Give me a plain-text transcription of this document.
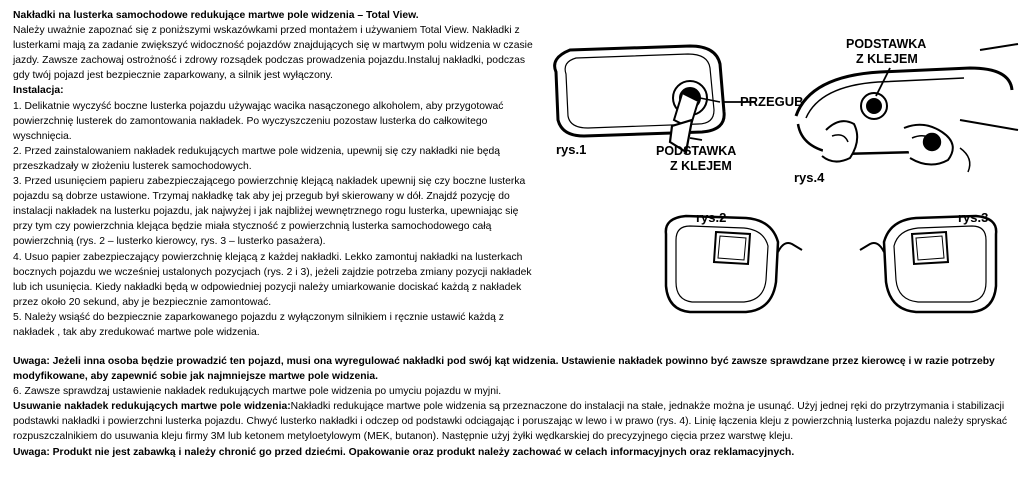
Nakładki na lusterka samochodowe redukujące martwe pole widzenia – Total View.

Należy uważnie zapoznać się z poniższymi wskazówkami przed montażem i używaniem Total View. Nakładki z lusterkami mają za zadanie zwiększyć widoczność pojazdów znajdujących się w martwym polu widzenia w czasie jazdy. Zawsze zachowaj ostrożność i zdrowy rozsądek podczas prowadzenia pojazdu.Instaluj nakładki, podczas gdy twój pojazd jest bezpiecznie zaparkowany, a silnik jest wyłączony.

Instalacja:

1. Delikatnie wyczyść boczne lusterka pojazdu używając wacika nasączonego alkoholem, aby przygotować powierzchnię lusterek do zamontowania nakładek. Po wyczyszczeniu pozostaw lusterka do całkowitego wyschnięcia.

2. Przed zainstalowaniem nakładek redukujących martwe pole widzenia, upewnij się czy nakładki nie będą przeszkadzały w złożeniu lusterek samochodowych.

3. Przed usunięciem papieru zabezpieczającego powierzchnię klejącą nakładek upewnij się czy boczne lusterka pojazdu są dobrze ustawione. Trzymaj nakładkę tak aby jej przegub był skierowany w dół. Znajdź pozycję do instalacji nakładek na lusterku pojazdu, jak najwyżej i jak najbliżej wewnętrznego rogu lusterka, upewniając się przy tym czy powierzchnia klejąca będzie miała styczność z powierzchnią lusterka samochodowego całą powierzchnią (rys. 2 – lusterko kierowcy, rys. 3 – lusterko pasażera).

4. Usuo papier zabezpieczający powierzchnię klejącą z każdej nakładki. Lekko zamontuj nakładki na lusterkach bocznych pojazdu we wcześniej ustalonych pozycjach (rys. 2 i 3), jeżeli zajdzie potrzeba zmiany pozycji nakładek lub ich usunięcia. Kiedy nakładki będą w odpowiedniej pozycji należy umiarkowanie dociskać każdą z nakładek przez około 20 sekund, aby je bezpiecznie zamontować.

5. Należy wsiąść do bezpiecznie zaparkowanego pojazdu z wyłączonym silnikiem i ręcznie ustawić każdą z nakładek , tak aby zredukować martwe pole widzenia.

Uwaga: Jeżeli inna osoba będzie prowadzić ten pojazd, musi ona wyregulować nakładki pod swój kąt widzenia. Ustawienie nakładek powinno być zawsze sprawdzane przez kierowcę i w razie potrzeby modyfikowane, aby zapewnić sobie jak najmniejsze martwe pole widzenia.

6. Zawsze sprawdzaj ustawienie nakładek redukujących martwe pole widzenia po umyciu pojazdu w myjni.

Usuwanie nakładek redukujących martwe pole widzenia:Nakładki redukujące martwe pole widzenia są przeznaczone do instalacji na stałe, jednakże można je usunąć. Użyj jednej ręki do przytrzymania i stabilizacji podstawki nakładki i powierzchni lusterka pojazdu. Chwyć lusterko nakładki i odczep od podstawki odciągając i poruszając w lewo i w prawo (rys. 4). Linię łączenia kleju z powierzchnią lusterka pojazdu należy spryskać rozpuszczalnikiem do usuwania kleju firmy 3M lub ketonem metyloetylowym (MEK, butanon). Następnie użyj żyłki wędkarskiej do precyzyjnego cięcia przez warstwę kleju.

Uwaga: Produkt nie jest zabawką i należy chronić go przed dziećmi. Opakowanie oraz produkt należy zachować w celach informacyjnych oraz reklamacyjnych.

PRZEGUB
PODSTAWKA
Z KLEJEM
rys.1
PODSTAWKA
Z KLEJEM
rys.4
rys.2	rys.3
